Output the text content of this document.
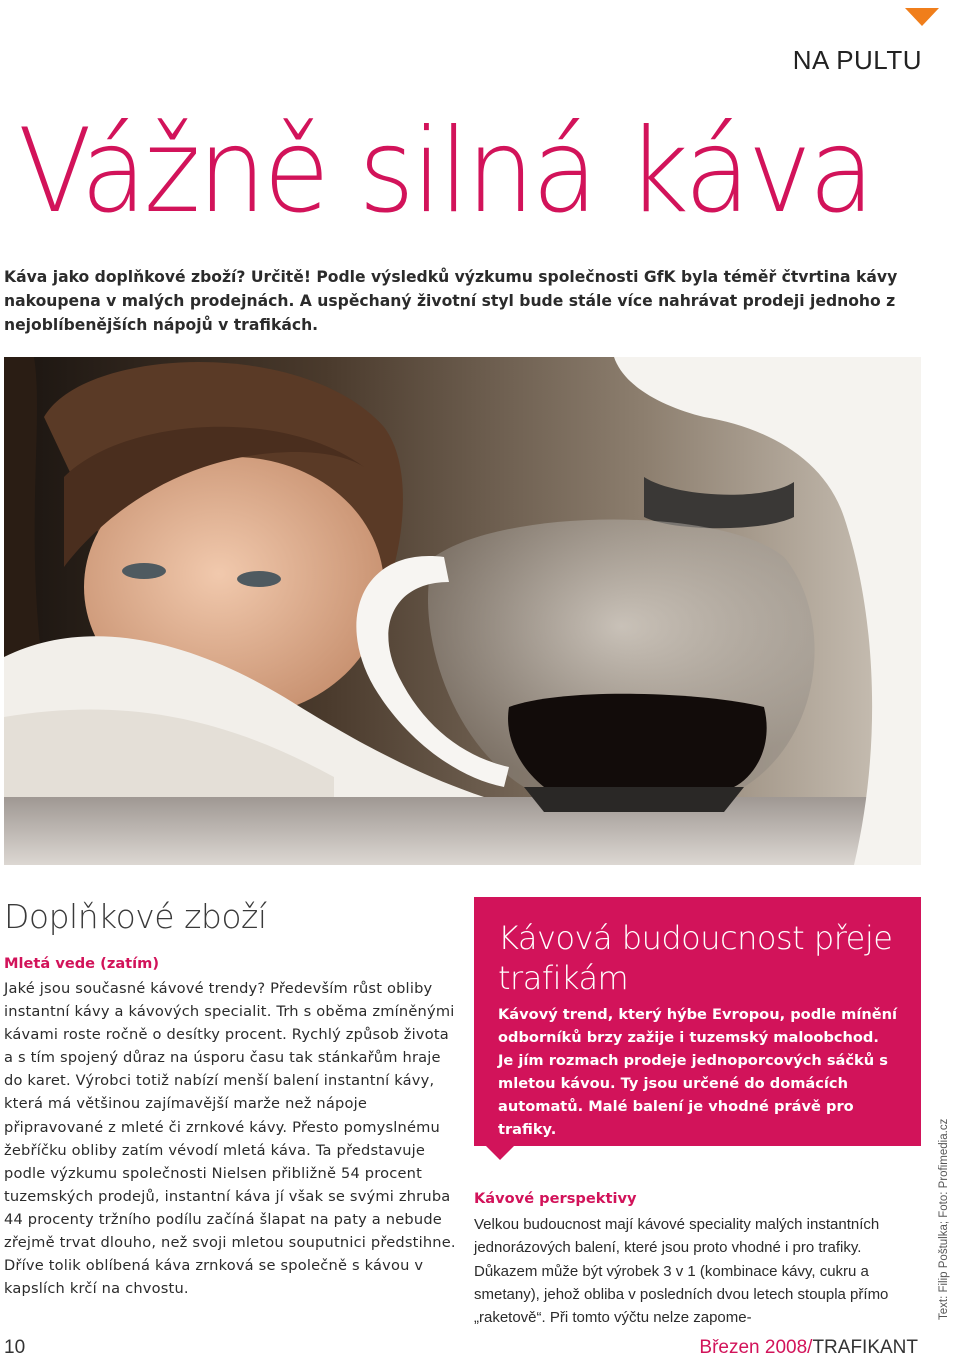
NA PULTU
Vážně silná káva
Káva jako doplňkové zboží? Určitě! Podle výsledků výzkumu společnosti GfK byla téměř čtvrtina kávy nakoupena v malých prodejnách. A uspěchaný životní styl bude stále více nahrávat prodeji jednoho z nejoblíbenějších nápojů v trafikách.
Doplňkové zboží
Mletá vede (zatím)

Jaké jsou současné kávové trendy? Především růst obliby instantní kávy a kávových specialit. Trh s oběma zmíněnými kávami roste ročně o desítky procent. Rychlý způsob života a s tím spojený důraz na úsporu času tak stánkařům hraje do karet. Výrobci totiž nabízí menší balení instantní kávy, která má většinou zajímavější marže než nápoje připravované z mleté či zrnkové kávy. Přesto pomyslnému žebříčku obliby zatím vévodí mletá káva. Ta představuje podle výzkumu společnosti Nielsen přibližně 54 procent tuzemských prodejů, instantní káva jí však se svými zhruba 44 procenty tržního podílu začíná šlapat na paty a nebude zřejmě trvat dlouho, než svoji mletou souputnici předstihne. Dříve tolik oblíbená káva zrnková se společně s kávou v kapslích krčí na chvostu.

Kávová budoucnost přeje trafikám
Kávový trend, který hýbe Evropou, podle mínění odborníků brzy zažije i tuzemský maloobchod. Je jím rozmach prodeje jednoporcových sáčků s mletou kávou. Ty jsou určené do domácích automatů. Malé balení je vhodné právě pro trafiky.
Kávové perspektivy
Velkou budoucnost mají kávové speciality malých instantních jednorázových balení, které jsou proto vhodné i pro trafiky. Důkazem může být výrobek 3 v 1 (kombinace kávy, cukru a smetany), jehož obliba v posledních dvou letech stoupla přímo „raketově“. Při tomto výčtu nelze zapome-
10	Březen 2008/TRAFIKANT
Text: Filip Poštulka; Foto: Profimedia.cz
